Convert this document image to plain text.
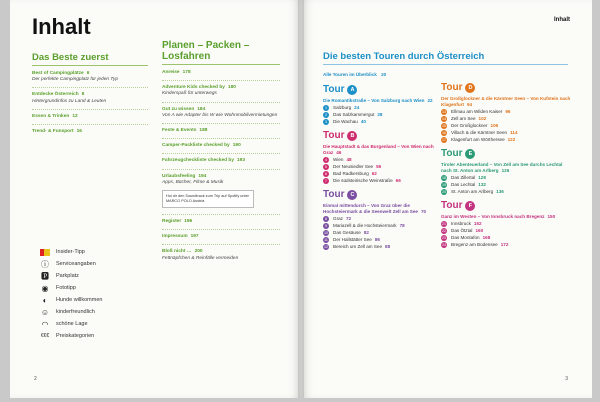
Inhalt
Das Beste zuerst
Best of Campingplätze 6
Der perfekte Campingplatz für jeden Typ
Entdecke Österreich 8
Hintergrundinfos zu Land & Leuten
Essen & Trinken 12
Trend- & Funsport 16
Planen – Packen – Losfahren
Anreise 178
Adventure Kids checked by 180
Kinderspaß für unterwegs
Gut zu wissen 184
Von A wie Adapter bis W wie Wohnmobilvermietungen
Feste & Events 188
Camper-Packliste checked by 190
Fahrzeugcheckliste checked by 193
Urlaubsfeeling 194
Apps, Bücher, Filme & Musik
Hol dir den Soundtrack zum Trip auf Spotify unter MARCO POLO Austria
Register 196
Impressum 197
Bloß nicht … 200
Fettnäpfchen & Reinfälle vermeiden
Insider-Tipp
ⓘ Serviceangaben
🅿 Parkplatz
◉ Fototipp
◐	Hunde willkommen
☺ kinderfreundlich
◠ schöne Lage
€€€ Preiskategorien
2
Inhalt
Die besten Touren durch Österreich
Alle Touren im Überblick 20
Tour	A
Die Romantikstraße – Von Salzburg nach Wien 22
1	Salzburg 24
2	Das Salzkammergut 28
3	Die Wachau 40
Tour	B
Die Hauptstadt & das Burgenland – Von Wien nach Graz 46
4	Wien 48
5	Der Neusiedler See 56
6	Bad Radkersburg 62
7	Die südsteirische Weinstraße 66
Tour	C
Einmal mittendurch – Von Graz über die Hochsteiermark & die Seenwelt Zell am See 70
8	Graz 72
9	Mariazell & die Hochsteiermark 78
10 Das Gesäuse 82
11 Der Hallstätter See 86
12 Bereich um Zell am See 88
Tour	D
Der Großglockner & die Kärntner Seen – Von Kufstein nach Klagenfurt 94
13 Ellmau am Wilden Kaiser 96
14 Zell am See 102
15 Der Großglockner 106
16 Villach & die Kärntner Seen 114
17 Klagenfurt am Wörthersee 122
Tour	E
Tiroler Abenteuerland – Von Zell am See durchs Lechtal nach St. Anton am Arlberg 126
18 Das Zillertal 128
19 Das Lechtal 132
20 St. Anton am Arlberg 136
Tour	F
Ganz im Westen – Von Innsbruck nach Bregenz 150
21 Innsbruck 152
22 Das Ötztal 160
23 Das Montafon 168
24 Bregenz am Bodensee 172
3
